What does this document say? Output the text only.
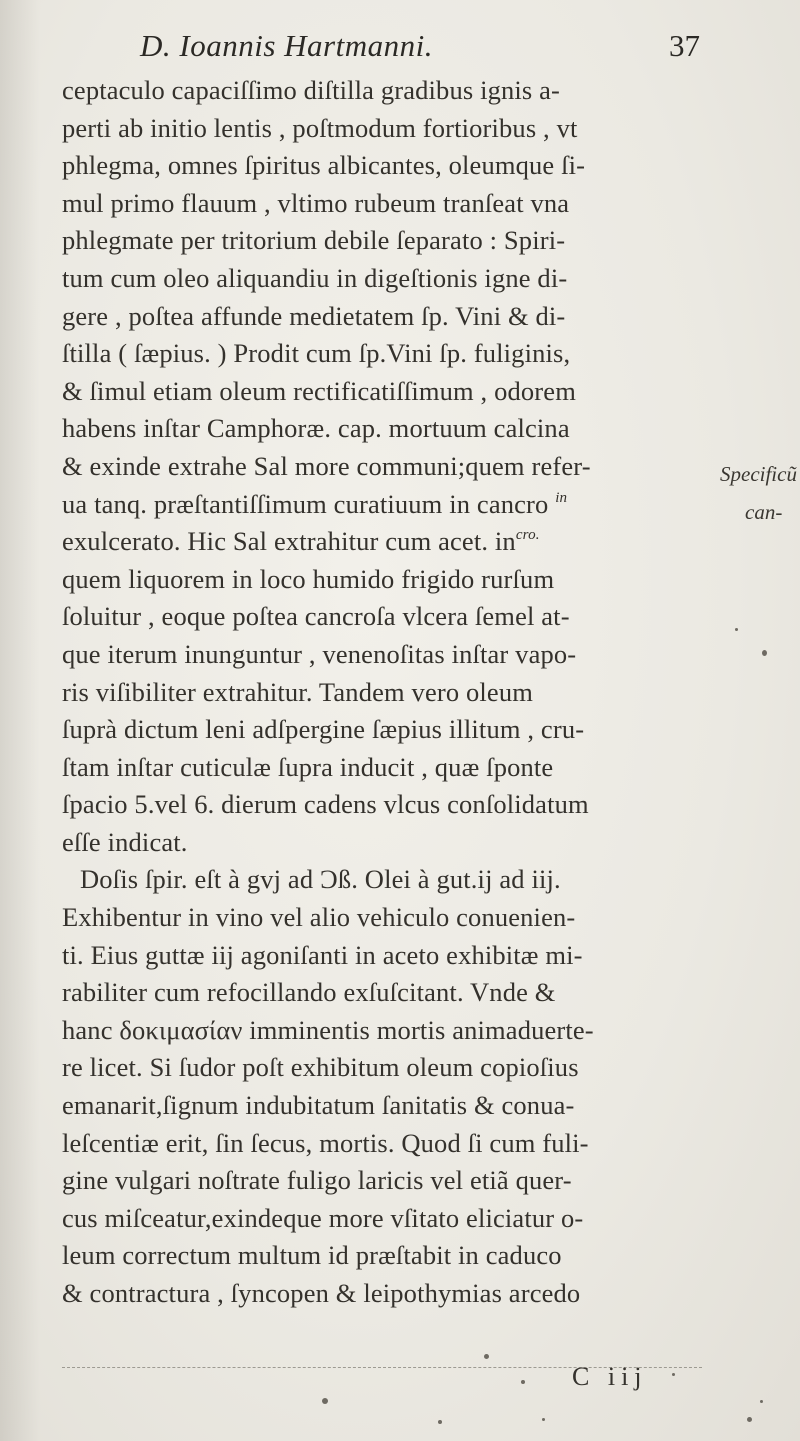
D. Ioannis Hartmanni.	37
ceptaculo capaciſſimo diſtilla gradibus ignis a-
perti ab initio lentis , poſtmodum fortioribus , vt
phlegma, omnes ſpiritus albicantes, oleumque ſi-
mul primo flauum , vltimo rubeum tranſeat vna
phlegmate per tritorium debile ſeparato : Spiri-
tum cum oleo aliquandiu in digeſtionis igne di-
gere , poſtea affunde medietatem ſp. Vini & di-
ſtilla ( ſæpius. ) Prodit cum ſp.Vini ſp. fuliginis,
& ſimul etiam oleum rectificatiſſimum , odorem
habens inſtar Camphoræ. cap. mortuum calcina
& exinde extrahe Sal more communi;quem refer-
ua tanq. præſtantiſſimum curatiuum in cancro $^{in}$
exulcerato. Hic Sal extrahitur cum acet. $in^{cro.}$
quem liquorem in loco humido frigido rurſum
ſoluitur , eoque poſtea cancroſa vlcera ſemel at-
que iterum inunguntur , venenoſitas inſtar vapo-
ris viſibiliter extrahitur. Tandem vero oleum
ſuprà dictum leni adſpergine ſæpius illitum , cru-
ſtam inſtar cuticulæ ſupra inducit , quæ ſponte
ſpacio 5.vel 6. dierum cadens vlcus conſolidatum
eſſe indicat.
Doſis ſpir. eſt à gvj ad Ɔß. Olei à gut.ij ad iij.
Exhibentur in vino vel alio vehiculo conuenien-
ti. Eius guttæ iij agoniſanti in aceto exhibitæ mi-
rabiliter cum refocillando exſuſcitant. Vnde &
hanc δοκιμασίαν imminentis mortis animaduerte-
re licet. Si ſudor poſt exhibitum oleum copioſius
emanarit,ſignum indubitatum ſanitatis & conua-
leſcentiæ erit, ſin ſecus, mortis. Quod ſi cum fuli-
gine vulgari noſtrate fuligo laricis vel etiã quer-
cus miſceatur,exindeque more vſitato eliciatur o-
leum correctum multum id præſtabit in caduco
& contractura , ſyncopen & leipothymias arcedo
Specificũ
can-
C iij
